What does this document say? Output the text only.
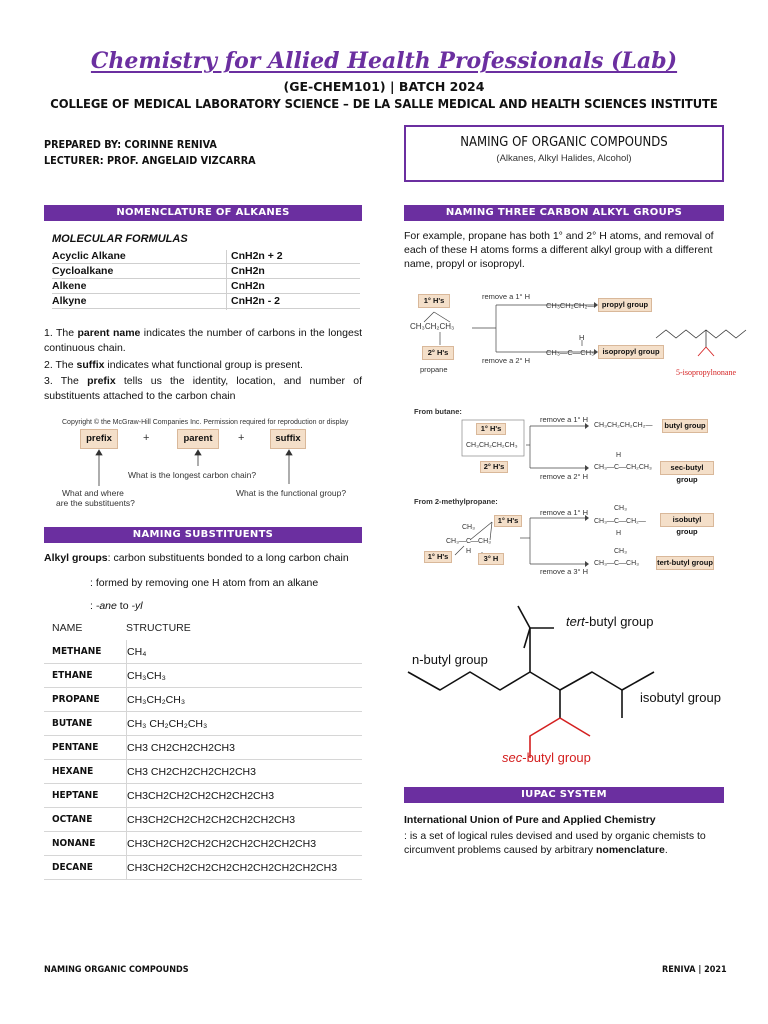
Chemistry for Allied Health Professionals (Lab)
(GE-CHEM101) | BATCH 2024
COLLEGE OF MEDICAL LABORATORY SCIENCE – DE LA SALLE MEDICAL AND HEALTH SCIENCES INSTITUTE
PREPARED BY: CORINNE RENIVA
LECTURER: PROF. ANGELAID VIZCARRA
NAMING OF ORGANIC COMPOUNDS
(Alkanes, Alkyl Halides, Alcohol)
NOMENCLATURE OF ALKANES
MOLECULAR FORMULAS
Acyclic Alkane	CnH2n + 2
Cycloalkane	CnH2n
Alkene	CnH2n
Alkyne	CnH2n - 2
1. The parent name indicates the number of carbons in the longest continuous chain.
2. The suffix indicates what functional group is present.
3. The prefix tells us the identity, location, and number of substituents attached to the carbon chain
Copyright © the McGraw-Hill Companies Inc. Permission required for reproduction or display
prefix	+	parent	+	suffix
What is the longest carbon chain?
What and where
are the substituents?
What is the functional group?
NAMING SUBSTITUENTS
Alkyl groups: carbon substituents bonded to a long carbon chain
: formed by removing one H atom from an alkane
: -ane to -yl
NAME	STRUCTURE
METHANE CH₄
ETHANE	CH₃CH₃
PROPANE	CH₃CH₂CH₃
BUTANE	CH₃ CH₂CH₂CH₃
PENTANE	CH3 CH2CH2CH2CH3
HEXANE	CH3 CH2CH2CH2CH2CH3
HEPTANE	CH3CH2CH2CH2CH2CH2CH3
OCTANE	CH3CH2CH2CH2CH2CH2CH2CH3
NONANE	CH3CH2CH2CH2CH2CH2CH2CH2CH3
DECANE	CH3CH2CH2CH2CH2CH2CH2CH2CH2CH3
NAMING THREE CARBON ALKYL GROUPS
For example, propane has both 1° and 2° H atoms, and removal of each of these H atoms forms a different alkyl group with a different name, propyl or isopropyl.
1° H's
CH₃CH₂CH₃
2° H's
propane
remove a 1° H
remove a 2° H
CH₃CH₂CH₂— propyl group
H
CH₃—C—CH₃	isopropyl group
5-isopropylnonane
From butane:
1° H's
CH₃CH₂CH₂CH₃
2° H's
remove a 1° H
remove a 2° H
CH₃CH₂CH₂CH₂—	butyl group
H
CH₃—C—CH₂CH₃	sec-butyl group
From 2-methylpropane:
CH₃
CH₃—C—CH₃
H
1° H's
1° H's	3° H
remove a 1° H
remove a 3° H
CH₃
CH₃—C—CH₂—
H
isobutyl group
CH₃
CH₃—C—CH₃ tert-butyl group
tert-butyl group
n-butyl group
isobutyl group
sec-butyl group
IUPAC SYSTEM
International Union of Pure and Applied Chemistry
: is a set of logical rules devised and used by organic chemists to circumvent problems caused by arbitrary nomenclature.
NAMING ORGANIC COMPOUNDS	RENIVA | 2021
